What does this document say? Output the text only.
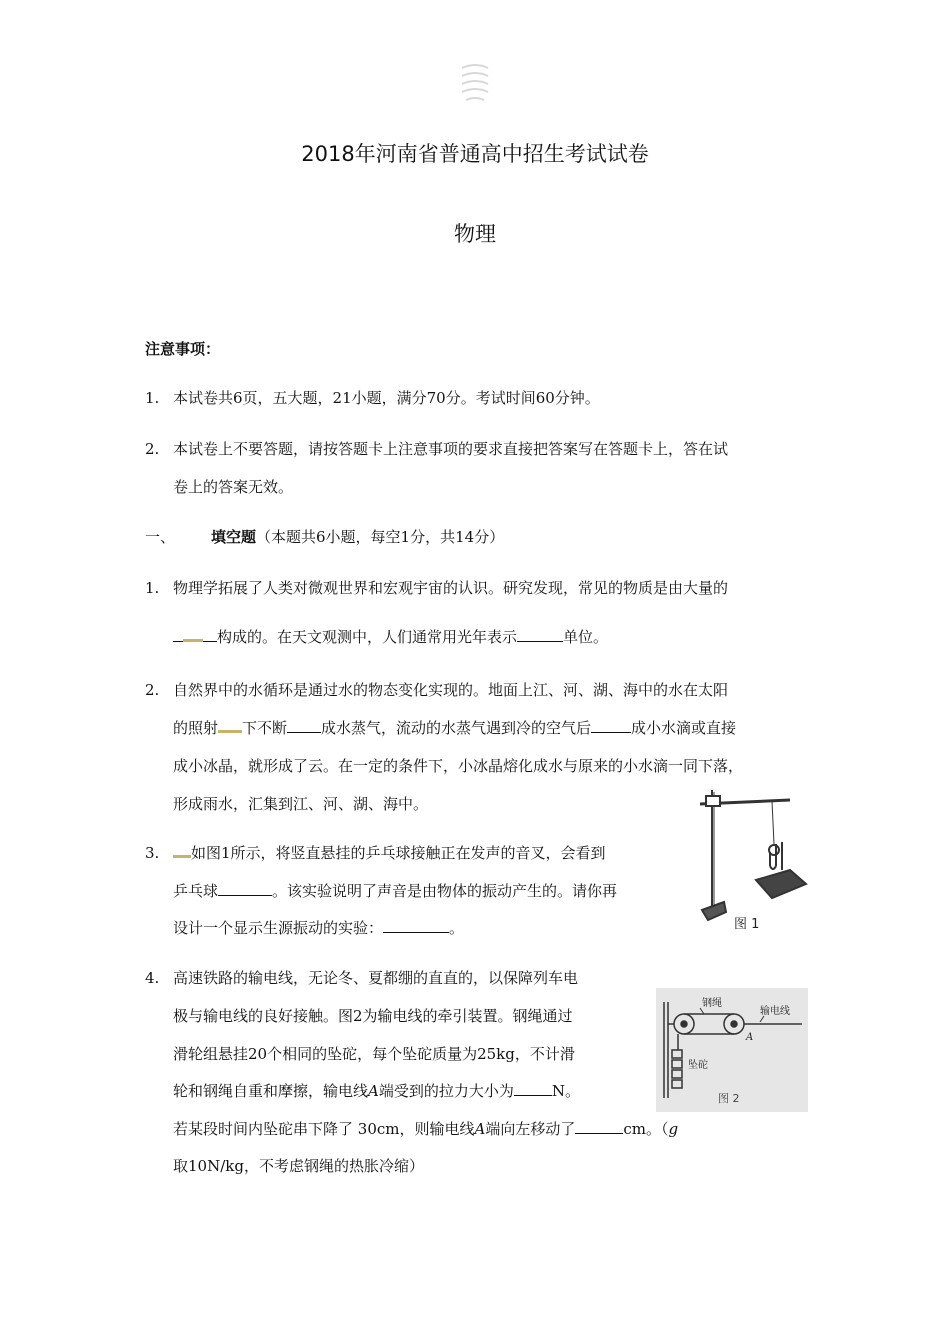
2018年河南省普通高中招生考试试卷
物理
注意事项：
1. 本试卷共6页，五大题，21小题，满分70分。考试时间60分钟。
2. 本试卷上不要答题，请按答题卡上注意事项的要求直接把答案写在答题卡上，答在试
卷上的答案无效。
一、 填空题（本题共6小题，每空1分，共14分）
1. 物理学拓展了人类对微观世界和宏观宇宙的认识。研究发现，常见的物质是由大量的
构成的。在天文观测中，人们通常用光年表示	单位。
2. 自然界中的水循环是通过水的物态变化实现的。地面上江、河、湖、海中的水在太阳
的照射 下不断 成水蒸气，流动的水蒸气遇到冷的空气后	成小水滴或直接
成小冰晶，就形成了云。在一定的条件下，小冰晶熔化成水与原来的小水滴一同下落，
形成雨水，汇集到江、河、湖、海中。
图 1
3. 如图1所示，将竖直悬挂的乒乓球接触正在发声的音叉，会看到
乒乓球	。该实验说明了声音是由物体的振动产生的。请你再
设计一个显示生源振动的实验：	。
钢绳
输电线
A
坠砣
图 2
4. 高速铁路的输电线，无论冬、夏都绷的直直的，以保障列车电
极与输电线的良好接触。图2为输电线的牵引装置。钢绳通过
滑轮组悬挂20个相同的坠砣，每个坠砣质量为25kg，不计滑
轮和钢绳自重和摩擦，输电线A端受到的拉力大小为	N。
若某段时间内坠砣串下降了 30cm，则输电线A端向左移动了	cm。（g
取10N/kg，不考虑钢绳的热胀冷缩）
